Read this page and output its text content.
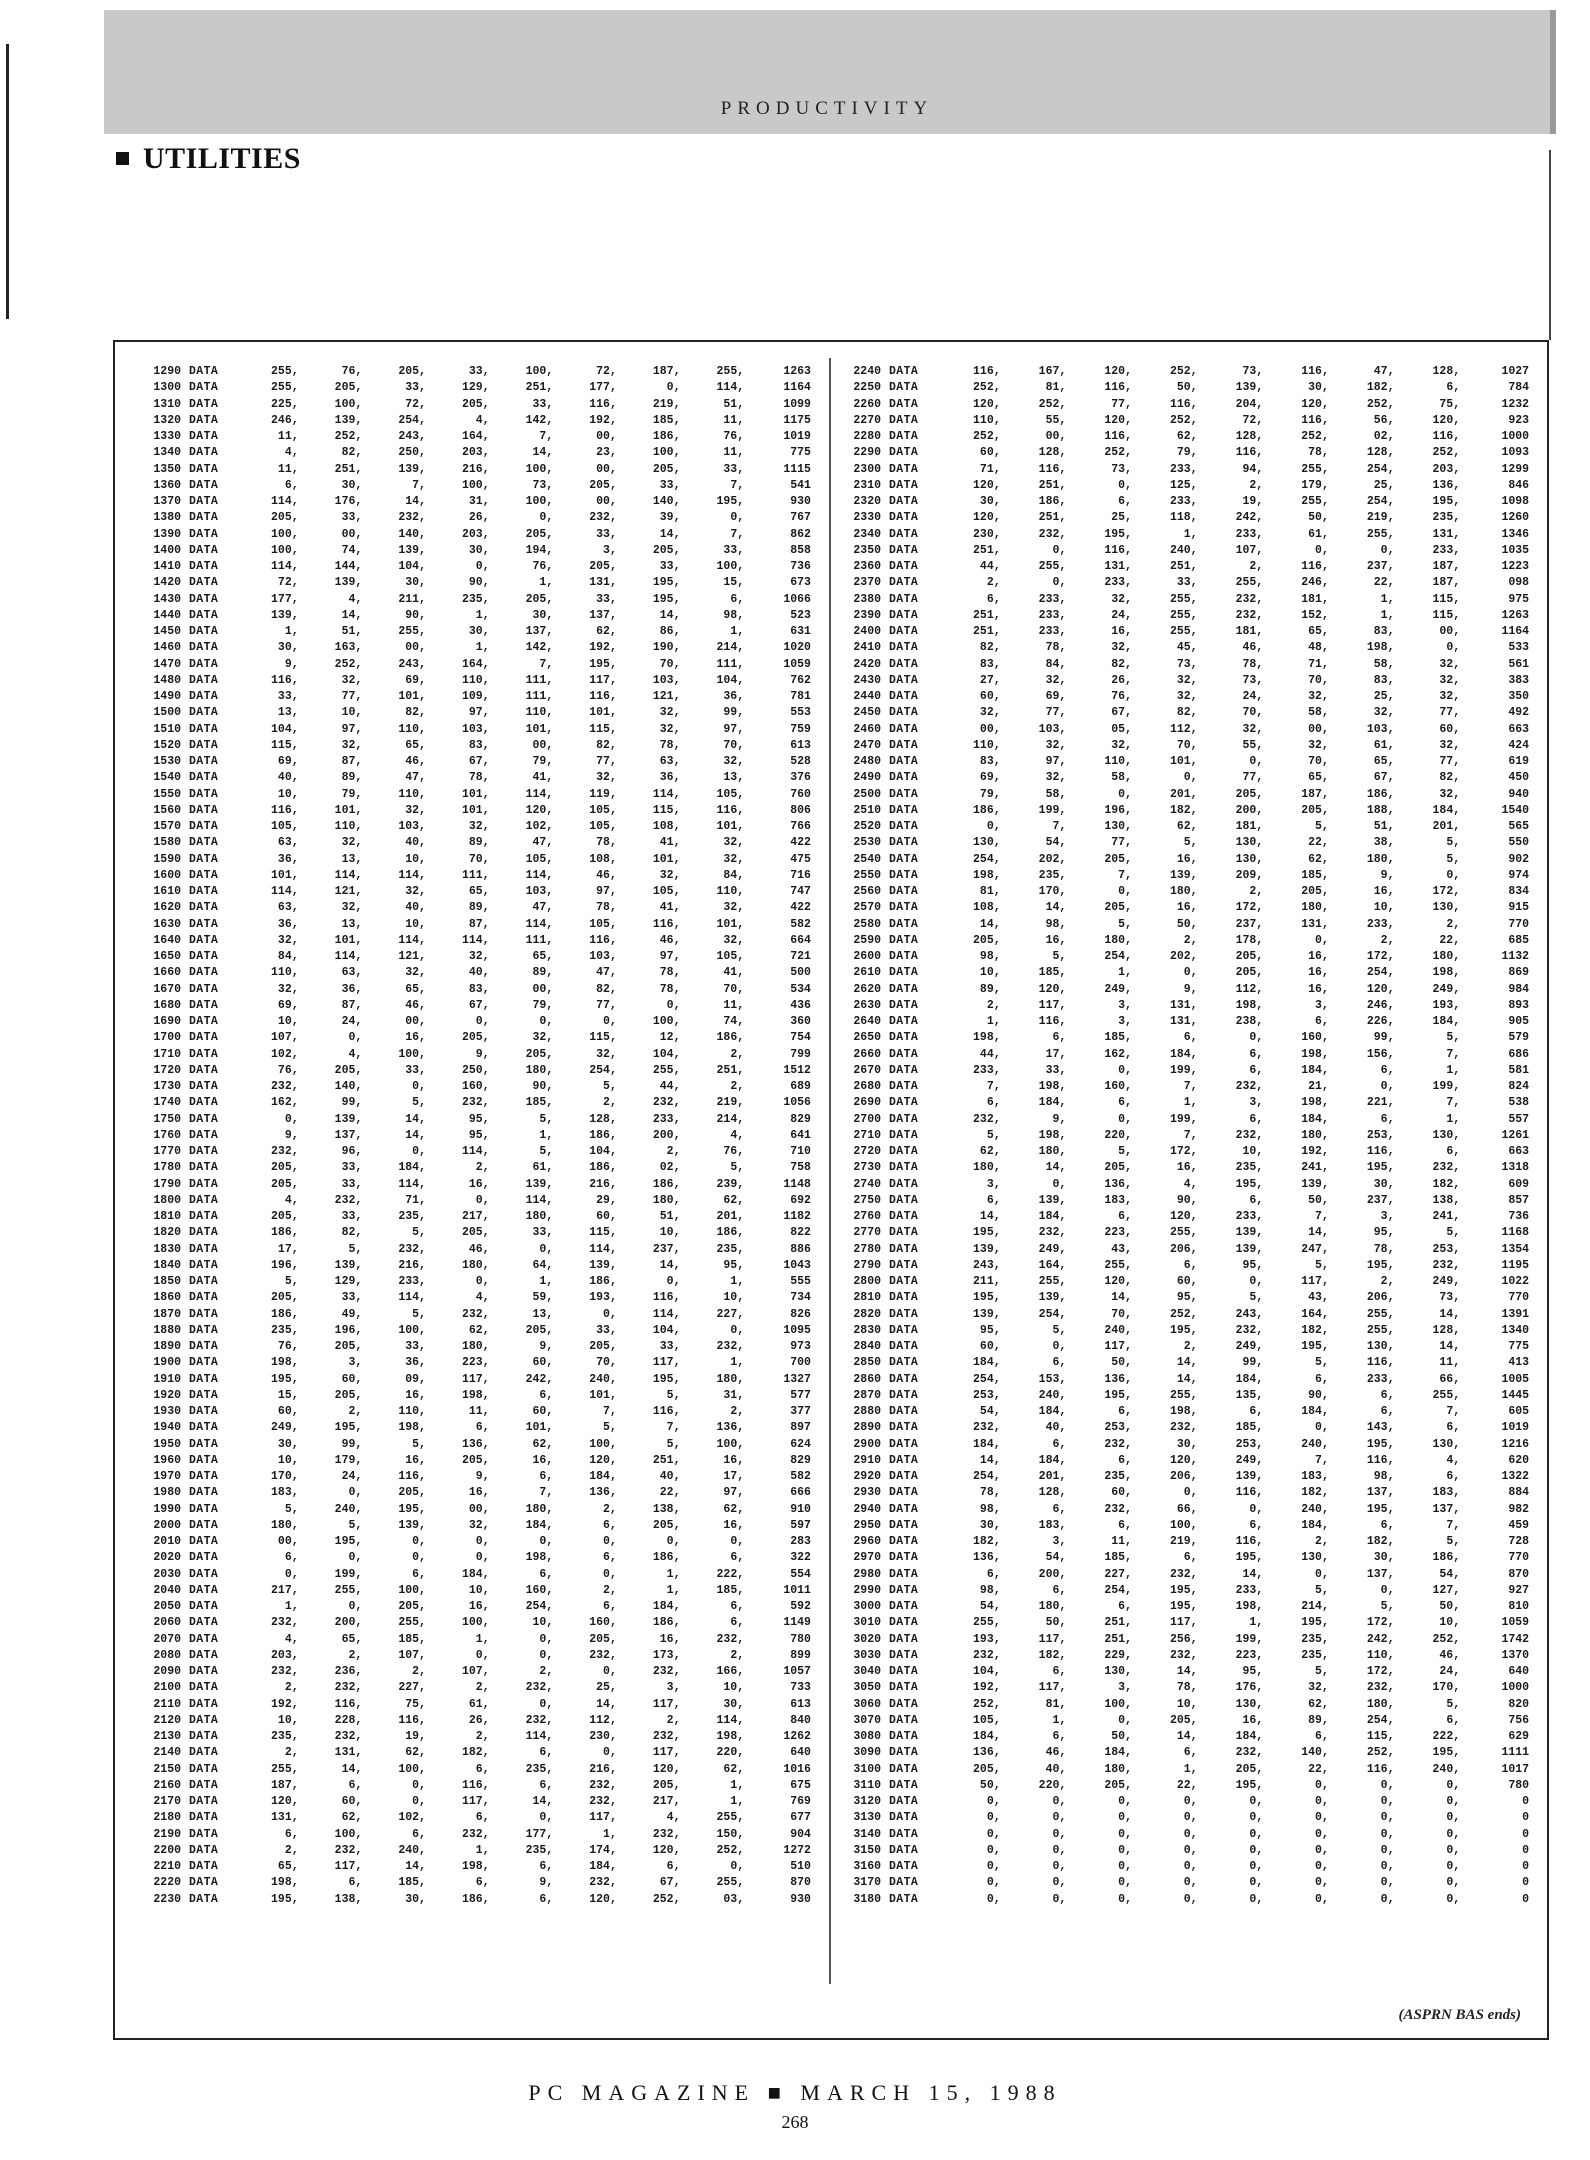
PRODUCTIVITY
UTILITIES
1290 DATA	255,	76,	205,	33,	100,	72,	187,	255,	1263
1300 DATA	255,	205,	33,	129,	251,	177,	0,	114,	1164
1310 DATA	225,	100,	72,	205,	33,	116,	219,	51,	1099
1320 DATA	246,	139,	254,	4,	142,	192,	185,	11,	1175
1330 DATA	11,	252,	243,	164,	7,	00,	186,	76,	1019
1340 DATA	4,	82,	250,	203,	14,	23,	100,	11,	775
1350 DATA	11,	251,	139,	216,	100,	00,	205,	33,	1115
1360 DATA	6,	30,	7,	100,	73,	205,	33,	7,	541
1370 DATA	114,	176,	14,	31,	100,	00,	140,	195,	930
1380 DATA	205,	33,	232,	26,	0,	232,	39,	0,	767
1390 DATA	100,	00,	140,	203,	205,	33,	14,	7,	862
1400 DATA	100,	74,	139,	30,	194,	3,	205,	33,	858
1410 DATA	114,	144,	104,	0,	76,	205,	33,	100,	736
1420 DATA	72,	139,	30,	90,	1,	131,	195,	15,	673
1430 DATA	177,	4,	211,	235,	205,	33,	195,	6,	1066
1440 DATA	139,	14,	90,	1,	30,	137,	14,	98,	523
1450 DATA	1,	51,	255,	30,	137,	62,	86,	1,	631
1460 DATA	30,	163,	00,	1,	142,	192,	190,	214,	1020
1470 DATA	9,	252,	243,	164,	7,	195,	70,	111,	1059
1480 DATA	116,	32,	69,	110,	111,	117,	103,	104,	762
1490 DATA	33,	77,	101,	109,	111,	116,	121,	36,	781
1500 DATA	13,	10,	82,	97,	110,	101,	32,	99,	553
1510 DATA	104,	97,	110,	103,	101,	115,	32,	97,	759
1520 DATA	115,	32,	65,	83,	00,	82,	78,	70,	613
1530 DATA	69,	87,	46,	67,	79,	77,	63,	32,	528
1540 DATA	40,	89,	47,	78,	41,	32,	36,	13,	376
1550 DATA	10,	79,	110,	101,	114,	119,	114,	105,	760
1560 DATA	116,	101,	32,	101,	120,	105,	115,	116,	806
1570 DATA	105,	110,	103,	32,	102,	105,	108,	101,	766
1580 DATA	63,	32,	40,	89,	47,	78,	41,	32,	422
1590 DATA	36,	13,	10,	70,	105,	108,	101,	32,	475
1600 DATA	101,	114,	114,	111,	114,	46,	32,	84,	716
1610 DATA	114,	121,	32,	65,	103,	97,	105,	110,	747
1620 DATA	63,	32,	40,	89,	47,	78,	41,	32,	422
1630 DATA	36,	13,	10,	87,	114,	105,	116,	101,	582
1640 DATA	32,	101,	114,	114,	111,	116,	46,	32,	664
1650 DATA	84,	114,	121,	32,	65,	103,	97,	105,	721
1660 DATA	110,	63,	32,	40,	89,	47,	78,	41,	500
1670 DATA	32,	36,	65,	83,	00,	82,	78,	70,	534
1680 DATA	69,	87,	46,	67,	79,	77,	0,	11,	436
1690 DATA	10,	24,	00,	0,	0,	0,	100,	74,	360
1700 DATA	107,	0,	16,	205,	32,	115,	12,	186,	754
1710 DATA	102,	4,	100,	9,	205,	32,	104,	2,	799
1720 DATA	76,	205,	33,	250,	180,	254,	255,	251,	1512
1730 DATA	232,	140,	0,	160,	90,	5,	44,	2,	689
1740 DATA	162,	99,	5,	232,	185,	2,	232,	219,	1056
1750 DATA	0,	139,	14,	95,	5,	128,	233,	214,	829
1760 DATA	9,	137,	14,	95,	1,	186,	200,	4,	641
1770 DATA	232,	96,	0,	114,	5,	104,	2,	76,	710
1780 DATA	205,	33,	184,	2,	61,	186,	02,	5,	758
1790 DATA	205,	33,	114,	16,	139,	216,	186,	239,	1148
1800 DATA	4,	232,	71,	0,	114,	29,	180,	62,	692
1810 DATA	205,	33,	235,	217,	180,	60,	51,	201,	1182
1820 DATA	186,	82,	5,	205,	33,	115,	10,	186,	822
1830 DATA	17,	5,	232,	46,	0,	114,	237,	235,	886
1840 DATA	196,	139,	216,	180,	64,	139,	14,	95,	1043
1850 DATA	5,	129,	233,	0,	1,	186,	0,	1,	555
1860 DATA	205,	33,	114,	4,	59,	193,	116,	10,	734
1870 DATA	186,	49,	5,	232,	13,	0,	114,	227,	826
1880 DATA	235,	196,	100,	62,	205,	33,	104,	0,	1095
1890 DATA	76,	205,	33,	180,	9,	205,	33,	232,	973
1900 DATA	198,	3,	36,	223,	60,	70,	117,	1,	700
1910 DATA	195,	60,	09,	117,	242,	240,	195,	180,	1327
1920 DATA	15,	205,	16,	198,	6,	101,	5,	31,	577
1930 DATA	60,	2,	110,	11,	60,	7,	116,	2,	377
1940 DATA	249,	195,	198,	6,	101,	5,	7,	136,	897
1950 DATA	30,	99,	5,	136,	62,	100,	5,	100,	624
1960 DATA	10,	179,	16,	205,	16,	120,	251,	16,	829
1970 DATA	170,	24,	116,	9,	6,	184,	40,	17,	582
1980 DATA	183,	0,	205,	16,	7,	136,	22,	97,	666
1990 DATA	5,	240,	195,	00,	180,	2,	138,	62,	910
2000 DATA	180,	5,	139,	32,	184,	6,	205,	16,	597
2010 DATA	00,	195,	0,	0,	0,	0,	0,	0,	283
2020 DATA	6,	0,	0,	0,	198,	6,	186,	6,	322
2030 DATA	0,	199,	6,	184,	6,	0,	1,	222,	554
2040 DATA	217,	255,	100,	10,	160,	2,	1,	185,	1011
2050 DATA	1,	0,	205,	16,	254,	6,	184,	6,	592
2060 DATA	232,	200,	255,	100,	10,	160,	186,	6,	1149
2070 DATA	4,	65,	185,	1,	0,	205,	16,	232,	780
2080 DATA	203,	2,	107,	0,	0,	232,	173,	2,	899
2090 DATA	232,	236,	2,	107,	2,	0,	232,	166,	1057
2100 DATA	2,	232,	227,	2,	232,	25,	3,	10,	733
2110 DATA	192,	116,	75,	61,	0,	14,	117,	30,	613
2120 DATA	10,	228,	116,	26,	232,	112,	2,	114,	840
2130 DATA	235,	232,	19,	2,	114,	230,	232,	198,	1262
2140 DATA	2,	131,	62,	182,	6,	0,	117,	220,	640
2150 DATA	255,	14,	100,	6,	235,	216,	120,	62,	1016
2160 DATA	187,	6,	0,	116,	6,	232,	205,	1,	675
2170 DATA	120,	60,	0,	117,	14,	232,	217,	1,	769
2180 DATA	131,	62,	102,	6,	0,	117,	4,	255,	677
2190 DATA	6,	100,	6,	232,	177,	1,	232,	150,	904
2200 DATA	2,	232,	240,	1,	235,	174,	120,	252,	1272
2210 DATA	65,	117,	14,	198,	6,	184,	6,	0,	510
2220 DATA	198,	6,	185,	6,	9,	232,	67,	255,	870
2230 DATA	195,	138,	30,	186,	6,	120,	252,	03,	930
2240 DATA	116,	167,	120,	252,	73,	116,	47,	128,	1027
2250 DATA	252,	81,	116,	50,	139,	30,	182,	6,	784
2260 DATA	120,	252,	77,	116,	204,	120,	252,	75,	1232
2270 DATA	110,	55,	120,	252,	72,	116,	56,	120,	923
2280 DATA	252,	00,	116,	62,	128,	252,	02,	116,	1000
2290 DATA	60,	128,	252,	79,	116,	78,	128,	252,	1093
2300 DATA	71,	116,	73,	233,	94,	255,	254,	203,	1299
2310 DATA	120,	251,	0,	125,	2,	179,	25,	136,	846
2320 DATA	30,	186,	6,	233,	19,	255,	254,	195,	1098
2330 DATA	120,	251,	25,	118,	242,	50,	219,	235,	1260
2340 DATA	230,	232,	195,	1,	233,	61,	255,	131,	1346
2350 DATA	251,	0,	116,	240,	107,	0,	0,	233,	1035
2360 DATA	44,	255,	131,	251,	2,	116,	237,	187,	1223
2370 DATA	2,	0,	233,	33,	255,	246,	22,	187,	098
2380 DATA	6,	233,	32,	255,	232,	181,	1,	115,	975
2390 DATA	251,	233,	24,	255,	232,	152,	1,	115,	1263
2400 DATA	251,	233,	16,	255,	181,	65,	83,	00,	1164
2410 DATA	82,	78,	32,	45,	46,	48,	198,	0,	533
2420 DATA	83,	84,	82,	73,	78,	71,	58,	32,	561
2430 DATA	27,	32,	26,	32,	73,	70,	83,	32,	383
2440 DATA	60,	69,	76,	32,	24,	32,	25,	32,	350
2450 DATA	32,	77,	67,	82,	70,	58,	32,	77,	492
2460 DATA	00,	103,	05,	112,	32,	00,	103,	60,	663
2470 DATA	110,	32,	32,	70,	55,	32,	61,	32,	424
2480 DATA	83,	97,	110,	101,	0,	70,	65,	77,	619
2490 DATA	69,	32,	58,	0,	77,	65,	67,	82,	450
2500 DATA	79,	58,	0,	201,	205,	187,	186,	32,	940
2510 DATA	186,	199,	196,	182,	200,	205,	188,	184,	1540
2520 DATA	0,	7,	130,	62,	181,	5,	51,	201,	565
2530 DATA	130,	54,	77,	5,	130,	22,	38,	5,	550
2540 DATA	254,	202,	205,	16,	130,	62,	180,	5,	902
2550 DATA	198,	235,	7,	139,	209,	185,	9,	0,	974
2560 DATA	81,	170,	0,	180,	2,	205,	16,	172,	834
2570 DATA	108,	14,	205,	16,	172,	180,	10,	130,	915
2580 DATA	14,	98,	5,	50,	237,	131,	233,	2,	770
2590 DATA	205,	16,	180,	2,	178,	0,	2,	22,	685
2600 DATA	98,	5,	254,	202,	205,	16,	172,	180,	1132
2610 DATA	10,	185,	1,	0,	205,	16,	254,	198,	869
2620 DATA	89,	120,	249,	9,	112,	16,	120,	249,	984
2630 DATA	2,	117,	3,	131,	198,	3,	246,	193,	893
2640 DATA	1,	116,	3,	131,	238,	6,	226,	184,	905
2650 DATA	198,	6,	185,	6,	0,	160,	99,	5,	579
2660 DATA	44,	17,	162,	184,	6,	198,	156,	7,	686
2670 DATA	233,	33,	0,	199,	6,	184,	6,	1,	581
2680 DATA	7,	198,	160,	7,	232,	21,	0,	199,	824
2690 DATA	6,	184,	6,	1,	3,	198,	221,	7,	538
2700 DATA	232,	9,	0,	199,	6,	184,	6,	1,	557
2710 DATA	5,	198,	220,	7,	232,	180,	253,	130,	1261
2720 DATA	62,	180,	5,	172,	10,	192,	116,	6,	663
2730 DATA	180,	14,	205,	16,	235,	241,	195,	232,	1318
2740 DATA	3,	0,	136,	4,	195,	139,	30,	182,	609
2750 DATA	6,	139,	183,	90,	6,	50,	237,	138,	857
2760 DATA	14,	184,	6,	120,	233,	7,	3,	241,	736
2770 DATA	195,	232,	223,	255,	139,	14,	95,	5,	1168
2780 DATA	139,	249,	43,	206,	139,	247,	78,	253,	1354
2790 DATA	243,	164,	255,	6,	95,	5,	195,	232,	1195
2800 DATA	211,	255,	120,	60,	0,	117,	2,	249,	1022
2810 DATA	195,	139,	14,	95,	5,	43,	206,	73,	770
2820 DATA	139,	254,	70,	252,	243,	164,	255,	14,	1391
2830 DATA	95,	5,	240,	195,	232,	182,	255,	128,	1340
2840 DATA	60,	0,	117,	2,	249,	195,	130,	14,	775
2850 DATA	184,	6,	50,	14,	99,	5,	116,	11,	413
2860 DATA	254,	153,	136,	14,	184,	6,	233,	66,	1005
2870 DATA	253,	240,	195,	255,	135,	90,	6,	255,	1445
2880 DATA	54,	184,	6,	198,	6,	184,	6,	7,	605
2890 DATA	232,	40,	253,	232,	185,	0,	143,	6,	1019
2900 DATA	184,	6,	232,	30,	253,	240,	195,	130,	1216
2910 DATA	14,	184,	6,	120,	249,	7,	116,	4,	620
2920 DATA	254,	201,	235,	206,	139,	183,	98,	6,	1322
2930 DATA	78,	128,	60,	0,	116,	182,	137,	183,	884
2940 DATA	98,	6,	232,	66,	0,	240,	195,	137,	982
2950 DATA	30,	183,	6,	100,	6,	184,	6,	7,	459
2960 DATA	182,	3,	11,	219,	116,	2,	182,	5,	728
2970 DATA	136,	54,	185,	6,	195,	130,	30,	186,	770
2980 DATA	6,	200,	227,	232,	14,	0,	137,	54,	870
2990 DATA	98,	6,	254,	195,	233,	5,	0,	127,	927
3000 DATA	54,	180,	6,	195,	198,	214,	5,	50,	810
3010 DATA	255,	50,	251,	117,	1,	195,	172,	10,	1059
3020 DATA	193,	117,	251,	256,	199,	235,	242,	252,	1742
3030 DATA	232,	182,	229,	232,	223,	235,	110,	46,	1370
3040 DATA	104,	6,	130,	14,	95,	5,	172,	24,	640
3050 DATA	192,	117,	3,	78,	176,	32,	232,	170,	1000
3060 DATA	252,	81,	100,	10,	130,	62,	180,	5,	820
3070 DATA	105,	1,	0,	205,	16,	89,	254,	6,	756
3080 DATA	184,	6,	50,	14,	184,	6,	115,	222,	629
3090 DATA	136,	46,	184,	6,	232,	140,	252,	195,	1111
3100 DATA	205,	40,	180,	1,	205,	22,	116,	240,	1017
3110 DATA	50,	220,	205,	22,	195,	0,	0,	0,	780
3120 DATA	0,	0,	0,	0,	0,	0,	0,	0,	0
3130 DATA	0,	0,	0,	0,	0,	0,	0,	0,	0
3140 DATA	0,	0,	0,	0,	0,	0,	0,	0,	0
3150 DATA	0,	0,	0,	0,	0,	0,	0,	0,	0
3160 DATA	0,	0,	0,	0,	0,	0,	0,	0,	0
3170 DATA	0,	0,	0,	0,	0,	0,	0,	0,	0
3180 DATA	0,	0,	0,	0,	0,	0,	0,	0,	0
(ASPRN BAS ends)
PC MAGAZINE ■ MARCH 15, 1988
268
